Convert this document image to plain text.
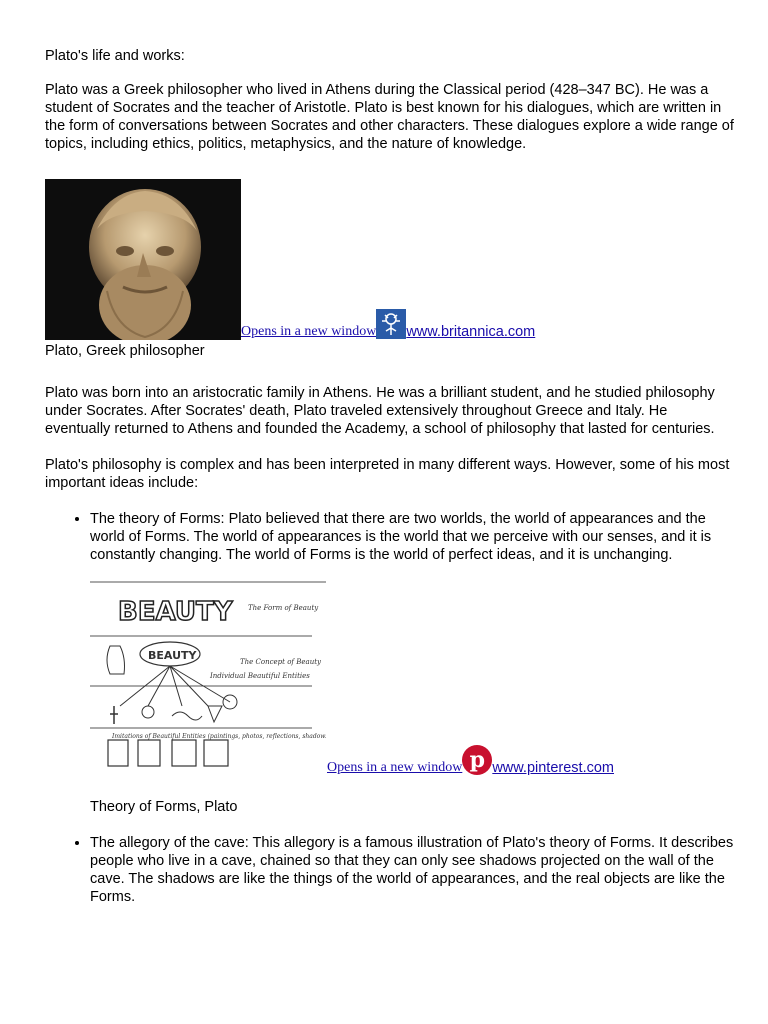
Plato's life and works:

Plato was a Greek philosopher who lived in Athens during the Classical period (428–347 BC). He was a student of Socrates and the teacher of Aristotle. Plato is best known for his dialogues, which are written in the form of conversations between Socrates and other characters. These dialogues explore a wide range of topics, including ethics, politics, metaphysics, and the nature of knowledge.

Opens in a new window www.britannica.com

Plato, Greek philosopher

Plato was born into an aristocratic family in Athens. He was a brilliant student, and he studied philosophy under Socrates. After Socrates' death, Plato traveled extensively throughout Greece and Italy. He eventually returned to Athens and founded the Academy, a school of philosophy that lasted for centuries.

Plato's philosophy is complex and has been interpreted in many different ways. However, some of his most important ideas include:

• The theory of Forms: Plato believed that there are two worlds, the world of appearances and the world of Forms. The world of appearances is the world that we perceive with our senses, and it is constantly changing. The world of Forms is the world of perfect ideas, and it is unchanging.
BEAUTY
BEAUTY
The Form of Beauty
The Concept of Beauty
Individual Beautiful Entities
Imitations of Beautiful Entities (paintings, photos, reflections, shadows)
Opens in a new window p www.pinterest.com

Theory of Forms, Plato

• The allegory of the cave: This allegory is a famous illustration of Plato's theory of Forms. It describes people who live in a cave, chained so that they can only see shadows projected on the wall of the cave. The shadows are like the things of the world of appearances, and the real objects are like the Forms.
